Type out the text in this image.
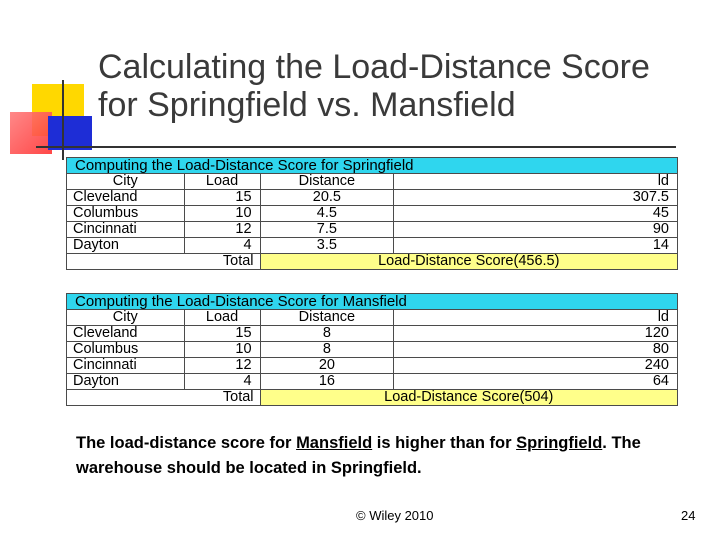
Calculating the Load-Distance Score
for Springfield vs. Mansfield
Computing the Load-Distance Score for Springfield			
City	Load	Distance	ld
Cleveland	15	20.5	307.5
Columbus	10	4.5	45
Cincinnati	12	7.5	90
Dayton	4	3.5	14
Total		Load-Distance Score(456.5)	
Computing the Load-Distance Score for Mansfield			
City	Load	Distance	ld
Cleveland	15	8	120
Columbus	10	8	80
Cincinnati	12	20	240
Dayton	4	16	64
Total		Load-Distance Score(504)	
The load-distance score for Mansfield is higher than for Springfield. The warehouse should be located in Springfield.
© Wiley 2010	24
